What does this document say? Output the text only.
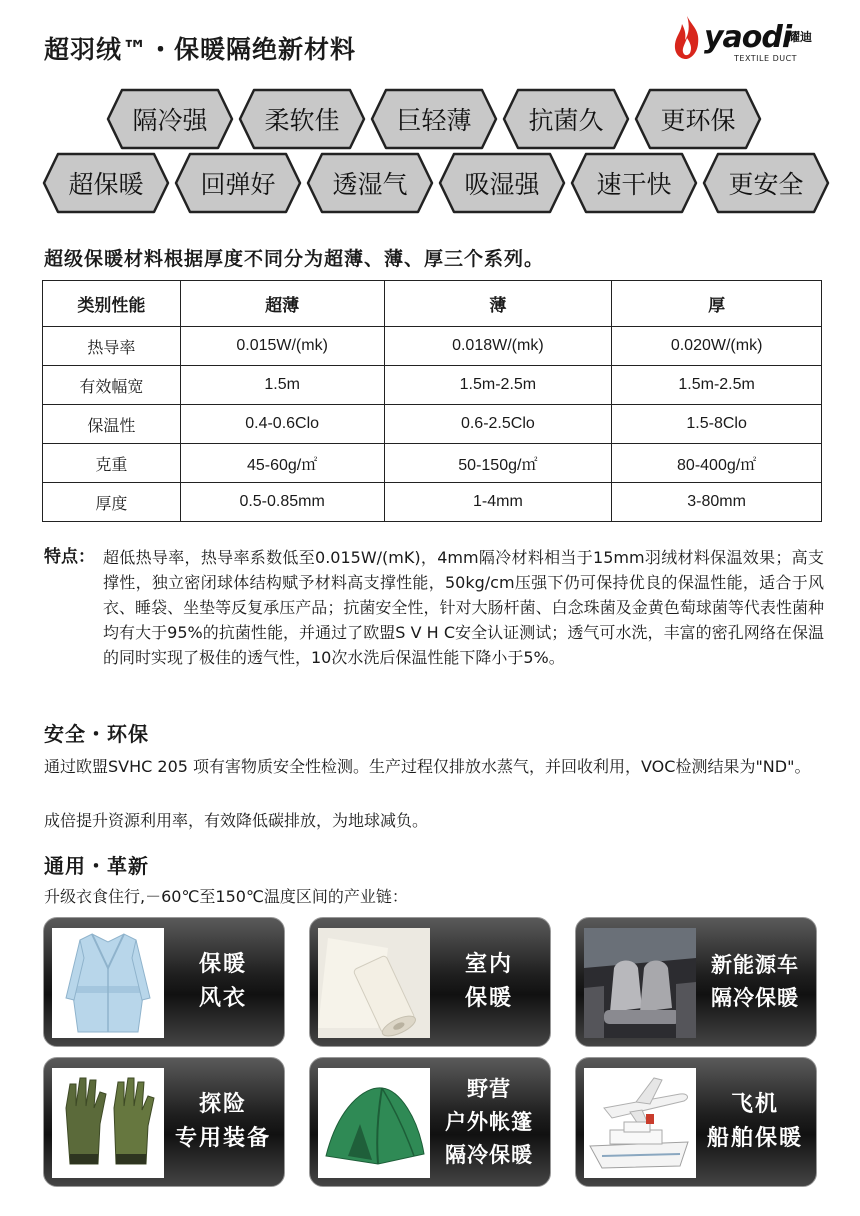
超羽绒™・保暖隔绝新材料	yaodi
耀迪
TEXTILE DUCT
隔冷强	柔软佳	巨轻薄	抗菌久	更环保
超保暖	回弹好	透湿气	吸湿强	速干快	更安全
超级保暖材料根据厚度不同分为超薄、薄、厚三个系列。
类别性能	超薄	薄	厚
热导率	0.015W/(mk)	0.018W/(mk)	0.020W/(mk)
有效幅宽	1.5m	1.5m-2.5m	1.5m-2.5m
保温性	0.4-0.6Clo	0.6-2.5Clo	1.5-8Clo
克重	45-60g/㎡	50-150g/㎡	80-400g/㎡
厚度	0.5-0.85mm	1-4mm	3-80mm
特点： 超低热导率，热导率系数低至0.015W/(mK)，4mm隔冷材料相当于15mm羽绒材料保温效果；高支撑性，独立密闭球体结构赋予材料高支撑性能，50kg/cm压强下仍可保持优良的保温性能，适合于风衣、睡袋、坐垫等反复承压产品；抗菌安全性，针对大肠杆菌、白念珠菌及金黄色萄球菌等代表性菌种均有大于95%的抗菌性能，并通过了欧盟S V H C安全认证测试；透气可水洗，丰富的密孔网络在保温的同时实现了极佳的透气性，10次水洗后保温性能下降小于5%。
安全・环保
通过欧盟SVHC 205 项有害物质安全性检测。生产过程仅排放水蒸气，并回收利用，VOC检测结果为"ND"。
成倍提升资源利用率，有效降低碳排放，为地球减负。
通用・革新
升级衣食住行,－60℃至150℃温度区间的产业链：
保暖
风衣
室内
保暖
新能源车
隔冷保暖
探险
专用装备
野营
户外帐篷
隔冷保暖
飞机
船舶保暖
